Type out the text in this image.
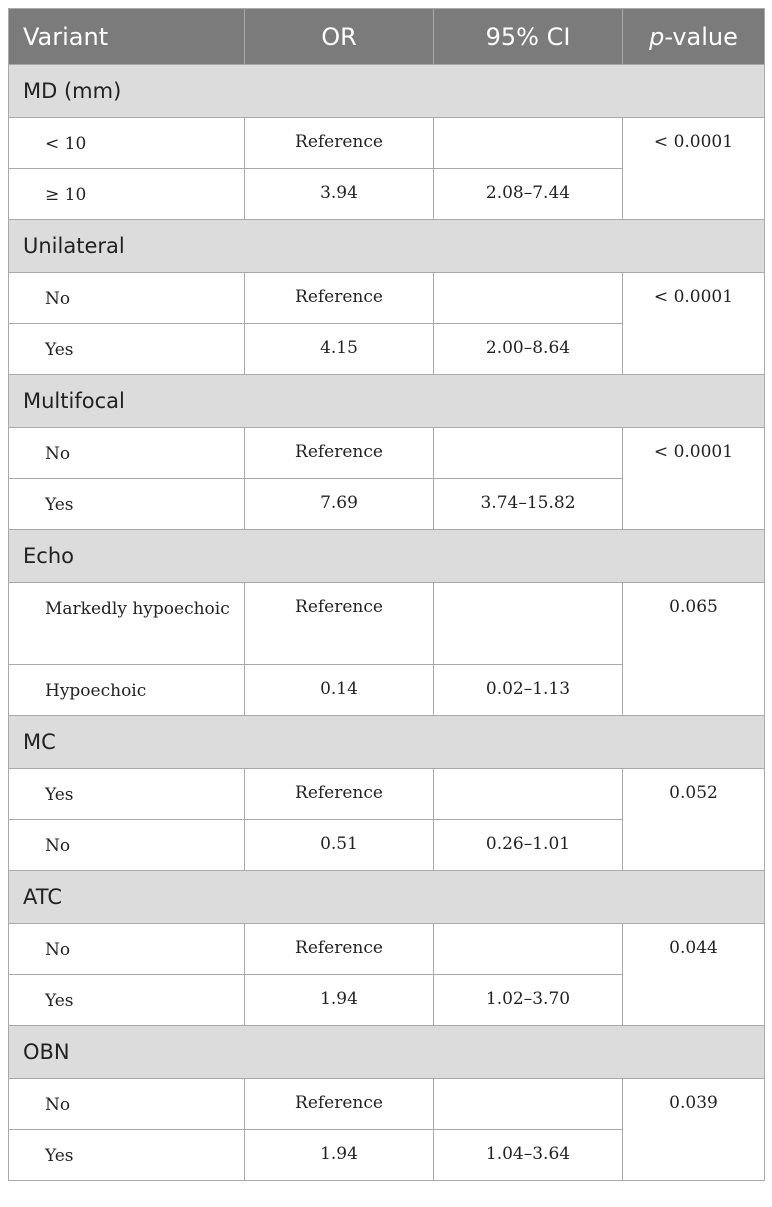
Variant	OR	95% CI	p-value
MD (mm)			
< 10	Reference		< 0.0001
≥ 10	3.94	2.08–7.44	
Unilateral			
No	Reference		< 0.0001
Yes	4.15	2.00–8.64	
Multifocal			
No	Reference		< 0.0001
Yes	7.69	3.74–15.82	
Echo			
Markedly hypoechoic	Reference		0.065
Hypoechoic	0.14	0.02–1.13	
MC			
Yes	Reference		0.052
No	0.51	0.26–1.01	
ATC			
No	Reference		0.044
Yes	1.94	1.02–3.70	
OBN			
No	Reference		0.039
Yes	1.94	1.04–3.64	
